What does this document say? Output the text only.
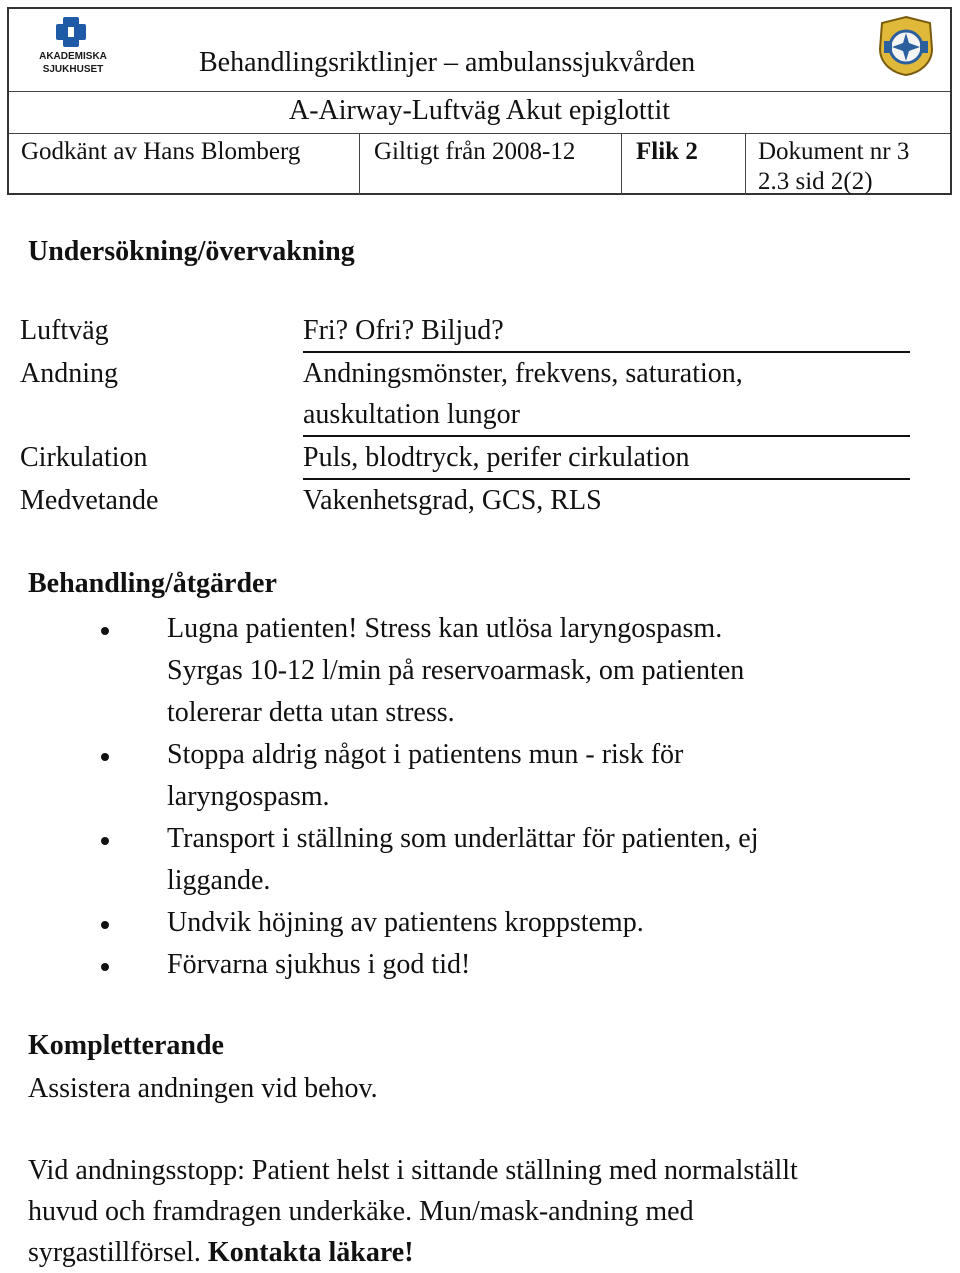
AKADEMISKA
SJUKHUSET	Behandlingsriktlinjer – ambulanssjukvården
A-Airway-Luftväg Akut epiglottit
Godkänt av Hans Blomberg	Giltigt från 2008-12	Flik 2	Dokument nr 3
2.3 sid 2(2)
Undersökning/övervakning
Luftväg	Fri? Ofri? Biljud?
Andning	Andningsmönster, frekvens, saturation,
auskultation lungor
Cirkulation	Puls, blodtryck, perifer cirkulation
Medvetande	Vakenhetsgrad, GCS, RLS
Behandling/åtgärder
Lugna patienten! Stress kan utlösa laryngospasm.
Syrgas 10-12 l/min på reservoarmask, om patienten
tolererar detta utan stress.
Stoppa aldrig något i patientens mun - risk för
laryngospasm.
Transport i ställning som underlättar för patienten, ej
liggande.
Undvik höjning av patientens kroppstemp.
Förvarna sjukhus i god tid!
Kompletterande
Assistera andningen vid behov.
Vid andningsstopp: Patient helst i sittande ställning med normalställt
huvud och framdragen underkäke. Mun/mask-andning med
syrgastillförsel. Kontakta läkare!
